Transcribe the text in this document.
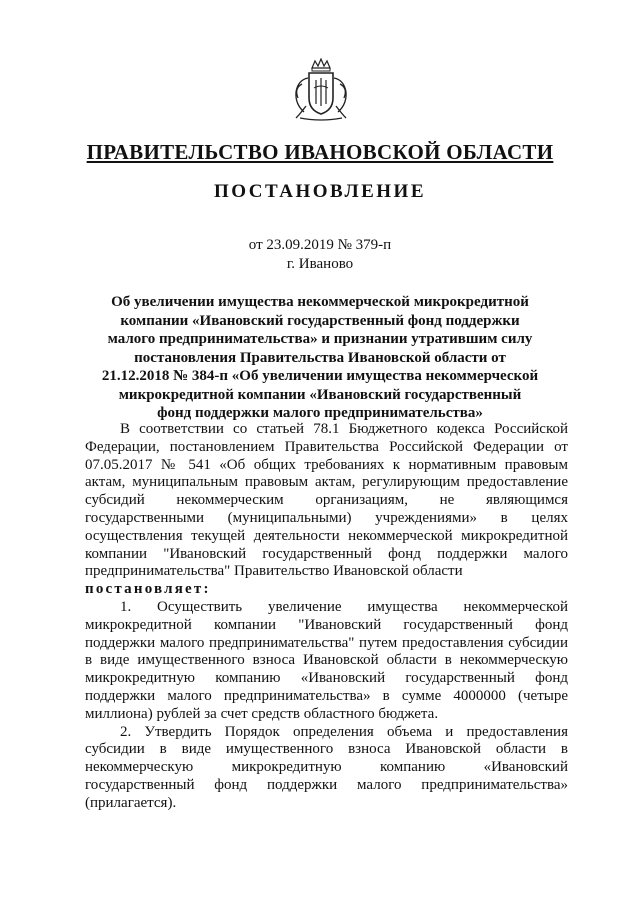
ПРАВИТЕЛЬСТВО ИВАНОВСКОЙ ОБЛАСТИ
ПОСТАНОВЛЕНИЕ
от 23.09.2019 № 379-п
г. Иваново
Об увеличении имущества некоммерческой микрокредитной компании «Ивановский государственный фонд поддержки малого предпринимательства» и признании утратившим силу постановления Правительства Ивановской области от 21.12.2018 № 384-п «Об увеличении имущества некоммерческой микрокредитной компании «Ивановский государственный фонд поддержки малого предпринимательства»

В соответствии со статьей 78.1 Бюджетного кодекса Российской Федерации, постановлением Правительства Российской Федерации от 07.05.2017 № 541 «Об общих требованиях к нормативным правовым актам, муниципальным правовым актам, регулирующим предоставление субсидий некоммерческим организациям, не являющимся государственными (муниципальными) учреждениями» в целях осуществления текущей деятельности некоммерческой микрокредитной компании "Ивановский государственный фонд поддержки малого предпринимательства" Правительство Ивановской области
постановляет:

1. Осуществить увеличение имущества некоммерческой микрокредитной компании "Ивановский государственный фонд поддержки малого предпринимательства" путем предоставления субсидии в виде имущественного взноса Ивановской области в некоммерческую микрокредитную компанию «Ивановский государственный фонд поддержки малого предпринимательства» в сумме 4000000 (четыре миллиона) рублей за счет средств областного бюджета.

2. Утвердить Порядок определения объема и предоставления субсидии в виде имущественного взноса Ивановской области в некоммерческую микрокредитную компанию «Ивановский государственный фонд поддержки малого предпринимательства» (прилагается).
